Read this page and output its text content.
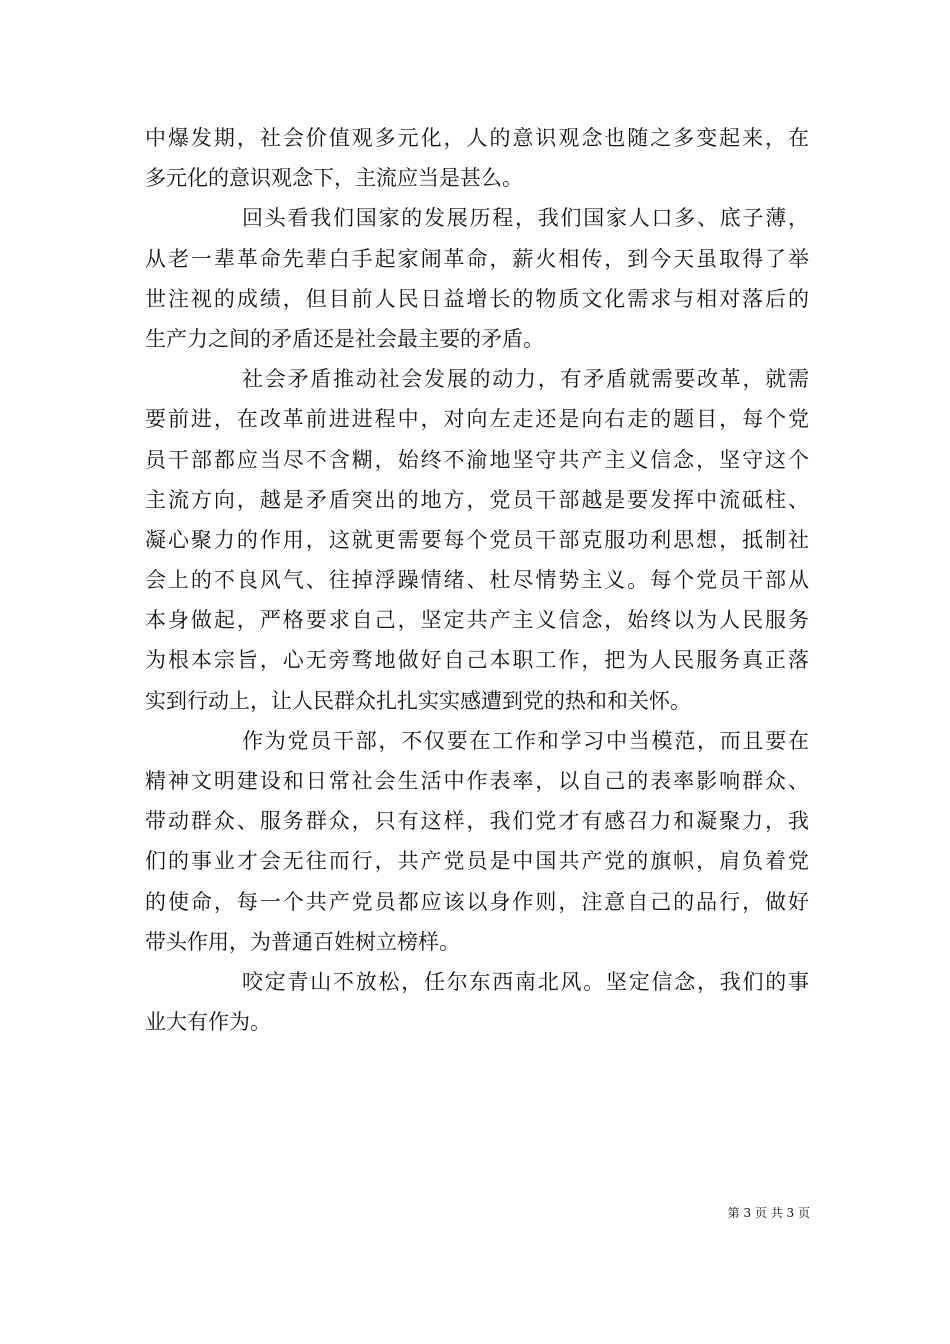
中爆发期，社会价值观多元化，人的意识观念也随之多变起来，在
多元化的意识观念下，主流应当是甚么。
回头看我们国家的发展历程，我们国家人口多、底子薄，
从老一辈革命先辈白手起家闹革命，薪火相传，到今天虽取得了举
世注视的成绩，但目前人民日益增长的物质文化需求与相对落后的
生产力之间的矛盾还是社会最主要的矛盾。
社会矛盾推动社会发展的动力，有矛盾就需要改革，就需
要前进，在改革前进进程中，对向左走还是向右走的题目，每个党
员干部都应当尽不含糊，始终不渝地坚守共产主义信念，坚守这个
主流方向，越是矛盾突出的地方，党员干部越是要发挥中流砥柱、
凝心聚力的作用，这就更需要每个党员干部克服功利思想，抵制社
会上的不良风气、往掉浮躁情绪、杜尽情势主义。每个党员干部从
本身做起，严格要求自己，坚定共产主义信念，始终以为人民服务
为根本宗旨，心无旁骛地做好自己本职工作，把为人民服务真正落
实到行动上，让人民群众扎扎实实感遭到党的热和和关怀。
作为党员干部，不仅要在工作和学习中当模范，而且要在
精神文明建设和日常社会生活中作表率，以自己的表率影响群众、
带动群众、服务群众，只有这样，我们党才有感召力和凝聚力，我
们的事业才会无往而行，共产党员是中国共产党的旗帜，肩负着党
的使命，每一个共产党员都应该以身作则，注意自己的品行，做好
带头作用，为普通百姓树立榜样。
咬定青山不放松，任尔东西南北风。坚定信念，我们的事
业大有作为。
第 3 页 共 3 页
